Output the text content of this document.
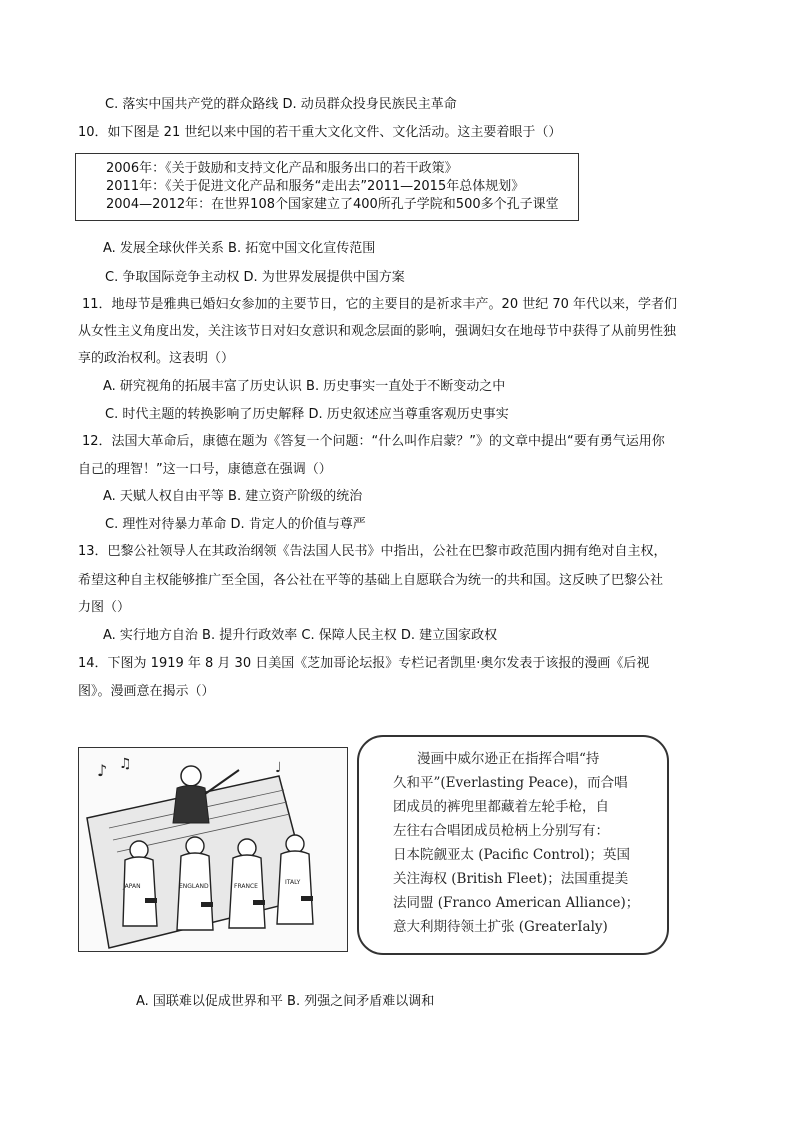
C. 落实中国共产党的群众路线 D. 动员群众投身民族民主革命
10．如下图是 21 世纪以来中国的若干重大文化文件、文化活动。这主要着眼于（）
2006年：《关于鼓励和支持文化产品和服务出口的若干政策》
2011年：《关于促进文化产品和服务“走出去”2011—2015年总体规划》
2004—2012年：在世界108个国家建立了400所孔子学院和500多个孔子课堂
A. 发展全球伙伴关系 B. 拓宽中国文化宣传范围
C. 争取国际竞争主动权 D. 为世界发展提供中国方案
11．地母节是雅典已婚妇女参加的主要节日，它的主要目的是祈求丰产。20 世纪 70 年代以来，学者们
从女性主义角度出发，关注该节日对妇女意识和观念层面的影响，强调妇女在地母节中获得了从前男性独
享的政治权利。这表明（）
A. 研究视角的拓展丰富了历史认识 B. 历史事实一直处于不断变动之中
C. 时代主题的转换影响了历史解释 D. 历史叙述应当尊重客观历史事实
12．法国大革命后，康德在题为《答复一个问题：“什么叫作启蒙？”》的文章中提出“要有勇气运用你
自己的理智！”这一口号，康德意在强调（）
A. 天赋人权自由平等 B. 建立资产阶级的统治
C. 理性对待暴力革命 D. 肯定人的价值与尊严
13．巴黎公社领导人在其政治纲领《告法国人民书》中指出，公社在巴黎市政范围内拥有绝对自主权，
希望这种自主权能够推广至全国，各公社在平等的基础上自愿联合为统一的共和国。这反映了巴黎公社
力图（）
A. 实行地方自治 B. 提升行政效率 C. 保障人民主权 D. 建立国家政权
14．下图为 1919 年 8 月 30 日美国《芝加哥论坛报》专栏记者凯里·奥尔发表于该报的漫画《后视
图》。漫画意在揭示（）
♪ ♫	♩
JAPAN	ENGLAND	FRANCE
ITALY
漫画中威尔逊正在指挥合唱“持
久和平”(Everlasting Peace)，而合唱
团成员的裤兜里都藏着左轮手枪，自
左往右合唱团成员枪柄上分别写有：
日本院觎亚太 (Pacific Control)；英国
关注海权 (British Fleet)；法国重提美
法同盟 (Franco American Alliance)；
意大利期待领土扩张 (GreaterIaly)
A. 国联难以促成世界和平 B. 列强之间矛盾难以调和
